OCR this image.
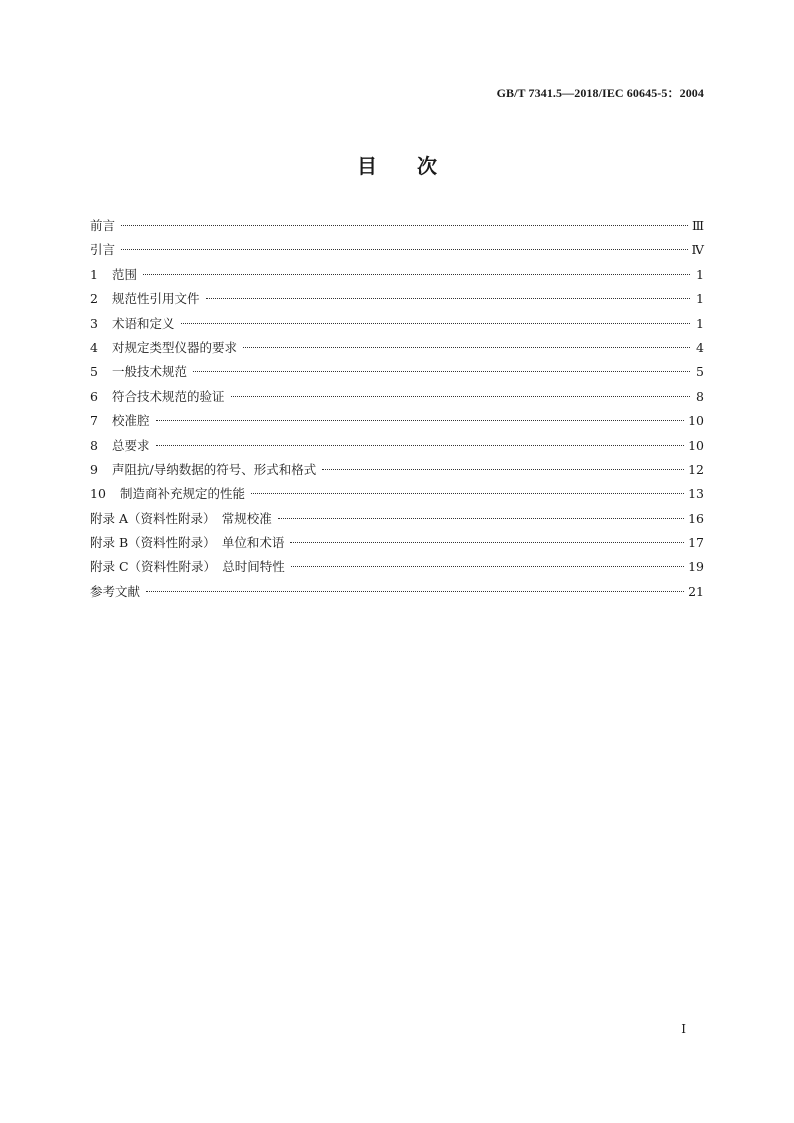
GB/T 7341.5—2018/IEC 60645-5：2004
目次
前言	Ⅲ
引言	Ⅳ
1	范围	1
2	规范性引用文件	1
3	术语和定义	1
4	对规定类型仪器的要求	4
5	一般技术规范	5
6	符合技术规范的验证	8
7	校准腔	10
8	总要求	10
9	声阻抗/导纳数据的符号、形式和格式	12
10	制造商补充规定的性能	13
附录 A（资料性附录）　常规校准	16
附录 B（资料性附录）　单位和术语	17
附录 C（资料性附录）　总时间特性	19
参考文献	21
Ⅰ
